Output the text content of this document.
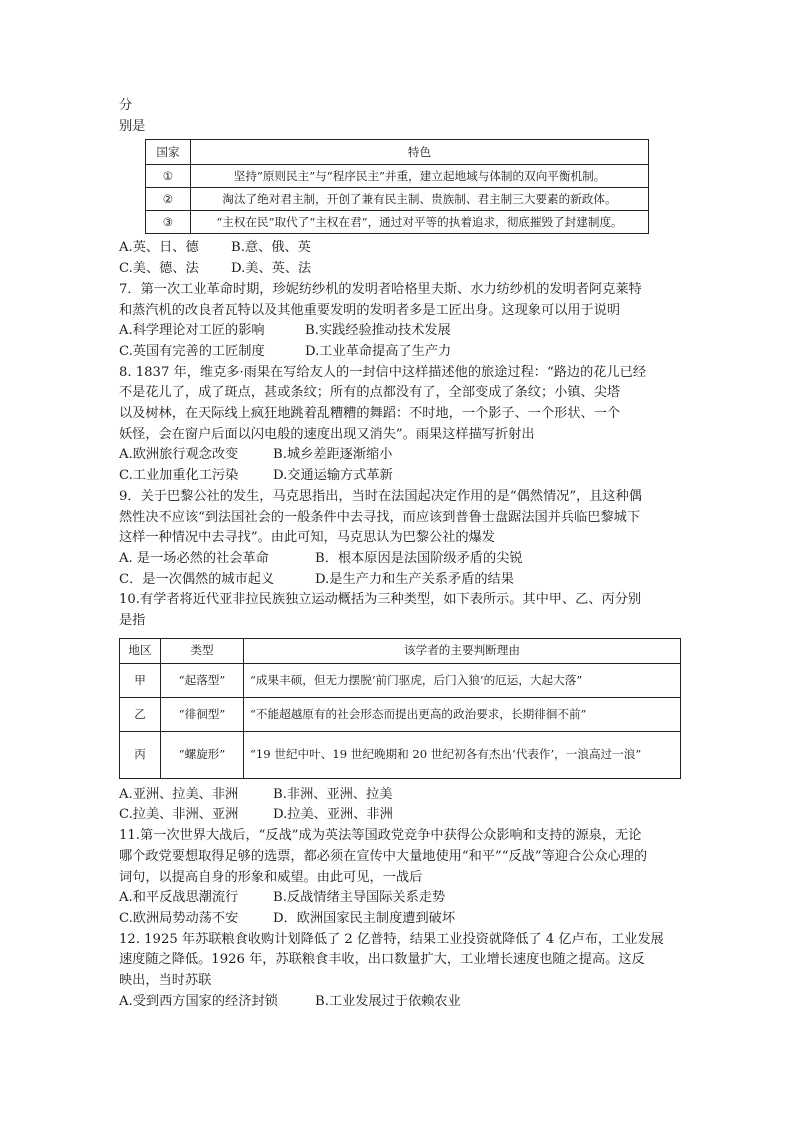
分
别是
国家	特色
①	坚持“原则民主”与“程序民主”并重，建立起地域与体制的双向平衡机制。
②	淘汰了绝对君主制，开创了兼有民主制、贵族制、君主制三大要素的新政体。
③	“主权在民”取代了“主权在君”，通过对平等的执着追求，彻底摧毁了封建制度。
A.英、日、德 B.意、俄、英
C.美、德、法 D.美、英、法
7．第一次工业革命时期，珍妮纺纱机的发明者哈格里夫斯、水力纺纱机的发明者阿克莱特
和蒸汽机的改良者瓦特以及其他重要发明的发明者多是工匠出身。这现象可以用于说明
A.科学理论对工匠的影响	B.实践经验推动技术发展
C.英国有完善的工匠制度	D.工业革命提高了生产力
8. 1837 年，维克多·雨果在写给友人的一封信中这样描述他的旅途过程：“路边的花儿已经
不是花儿了，成了斑点，甚或条纹；所有的点都没有了，全部变成了条纹；小镇、尖塔
以及树林，在天际线上疯狂地跳着乱糟糟的舞蹈：不时地，一个影子、一个形状、一个
妖怪，会在窗户后面以闪电般的速度出现又消失”。雨果这样描写折射出
A.欧洲旅行观念改变	B.城乡差距逐渐缩小
C.工业加重化工污染	D.交通运输方式革新
9．关于巴黎公社的发生，马克思指出，当时在法国起决定作用的是“偶然情况”，且这种偶
然性决不应该“到法国社会的一般条件中去寻找，而应该到普鲁士盘踞法国并兵临巴黎城下
这样一种情况中去寻找”。由此可知，马克思认为巴黎公社的爆发
A. 是一场必然的社会革命	B．根本原因是法国阶级矛盾的尖锐
C．是一次偶然的城市起义	D.是生产力和生产关系矛盾的结果
10.有学者将近代亚非拉民族独立运动概括为三种类型，如下表所示。其中甲、乙、丙分别
是指
地区	类型	该学者的主要判断理由
甲	“起落型”	“成果丰硕，但无力摆脱‘前门驱虎，后门入狼’的厄运，大起大落”
乙	“徘徊型”	“不能超越原有的社会形态而提出更高的政治要求，长期徘徊不前”
丙	“螺旋形”	“19 世纪中叶、19 世纪晚期和 20 世纪初各有杰出‘代表作’，一浪高过一浪”
A.亚洲、拉美、非洲	B.非洲、亚洲、拉美
C.拉美、非洲、亚洲	D.拉美、亚洲、非洲
11.第一次世界大战后，“反战”成为英法等国政党竞争中获得公众影响和支持的源泉，无论
哪个政党要想取得足够的选票，都必须在宣传中大量地使用“和平”“反战”等迎合公众心理的
词句，以提高自身的形象和威望。由此可见，一战后
A.和平反战思潮流行	B.反战情绪主导国际关系走势
C.欧洲局势动荡不安	D．欧洲国家民主制度遭到破坏
12. 1925 年苏联粮食收购计划降低了 2 亿普特，结果工业投资就降低了 4 亿卢布，工业发展
速度随之降低。1926 年，苏联粮食丰收，出口数量扩大，工业增长速度也随之提高。这反
映出，当时苏联
A.受到西方国家的经济封锁	B.工业发展过于依赖农业
